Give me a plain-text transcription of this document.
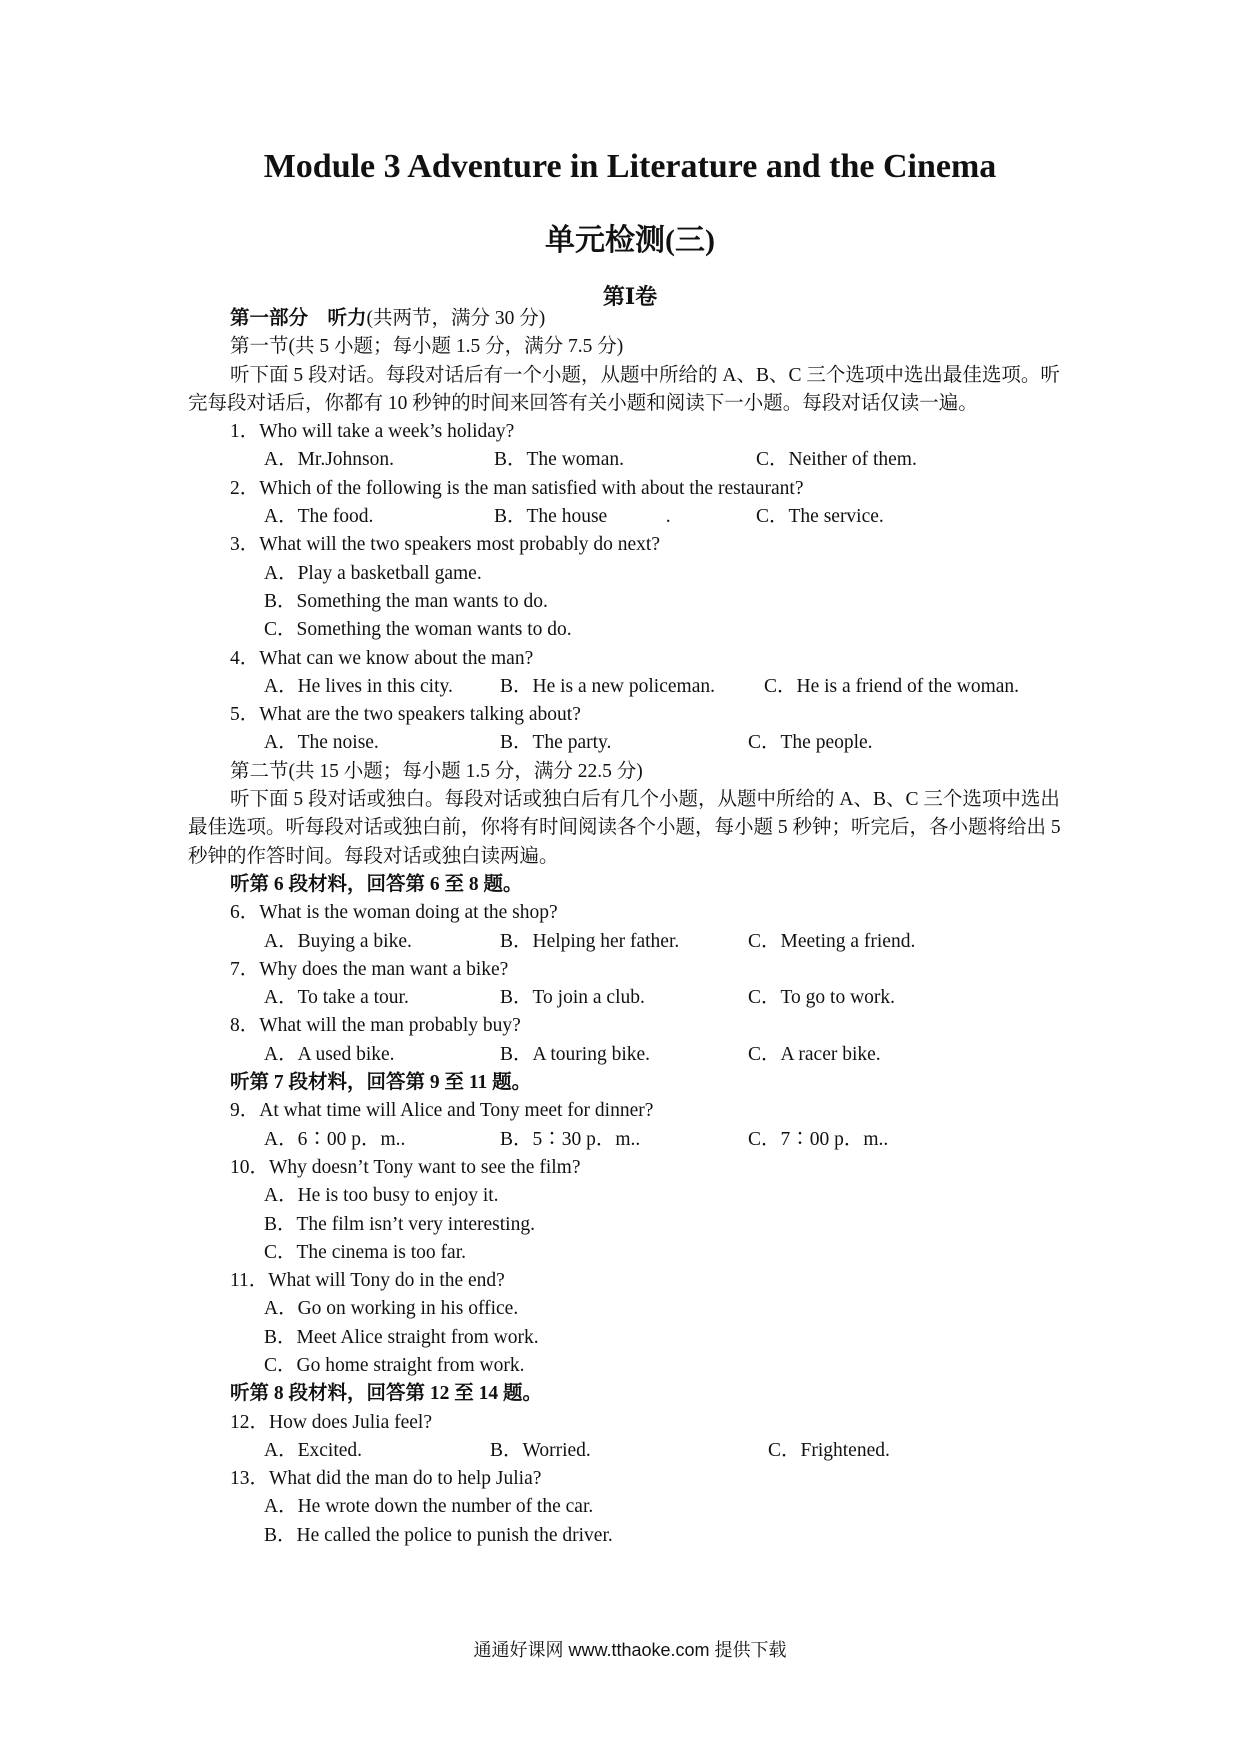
Module 3 Adventure in Literature and the Cinema
单元检测(三)
第Ⅰ卷
第一部分　听力(共两节，满分 30 分)
第一节(共 5 小题；每小题 1.5 分，满分 7.5 分)
听下面 5 段对话。每段对话后有一个小题，从题中所给的 A、B、C 三个选项中选出最佳选项。听完每段对话后，你都有 10 秒钟的时间来回答有关小题和阅读下一小题。每段对话仅读一遍。
1．Who will take a week’s holiday?
A．Mr.Johnson.	B．The woman.	C．Neither of them.
2．Which of the following is the man satisfied with about the restaurant?
A．The food.	B．The house　　　.	C．The service.
3．What will the two speakers most probably do next?
A．Play a basketball game.
B．Something the man wants to do.
C．Something the woman wants to do.
4．What can we know about the man?
A．He lives in this city.	B．He is a new policeman.	C．He is a friend of the woman.
5．What are the two speakers talking about?
A．The noise.	B．The party.	C．The people.
第二节(共 15 小题；每小题 1.5 分，满分 22.5 分)
听下面 5 段对话或独白。每段对话或独白后有几个小题，从题中所给的 A、B、C 三个选项中选出最佳选项。听每段对话或独白前，你将有时间阅读各个小题，每小题 5 秒钟；听完后，各小题将给出 5 秒钟的作答时间。每段对话或独白读两遍。
听第 6 段材料，回答第 6 至 8 题。
6．What is the woman doing at the shop?
A．Buying a bike.	B．Helping her father.	C．Meeting a friend.
7．Why does the man want a bike?
A．To take a tour.	B．To join a club.	C．To go to work.
8．What will the man probably buy?
A．A used bike.	B．A touring bike.	C．A racer bike.
听第 7 段材料，回答第 9 至 11 题。
9．At what time will Alice and Tony meet for dinner?
A．6∶00 p．m..	B．5∶30 p．m..	C．7∶00 p．m..
10．Why doesn’t Tony want to see the film?
A．He is too busy to enjoy it.
B．The film isn’t very interesting.
C．The cinema is too far.
11．What will Tony do in the end?
A．Go on working in his office.
B．Meet Alice straight from work.
C．Go home straight from work.
听第 8 段材料，回答第 12 至 14 题。
12．How does Julia feel?
A．Excited.	B．Worried.	C．Frightened.
13．What did the man do to help Julia?
A．He wrote down the number of the car.
B．He called the police to punish the driver.
通通好课网 www.tthaoke.com 提供下载
